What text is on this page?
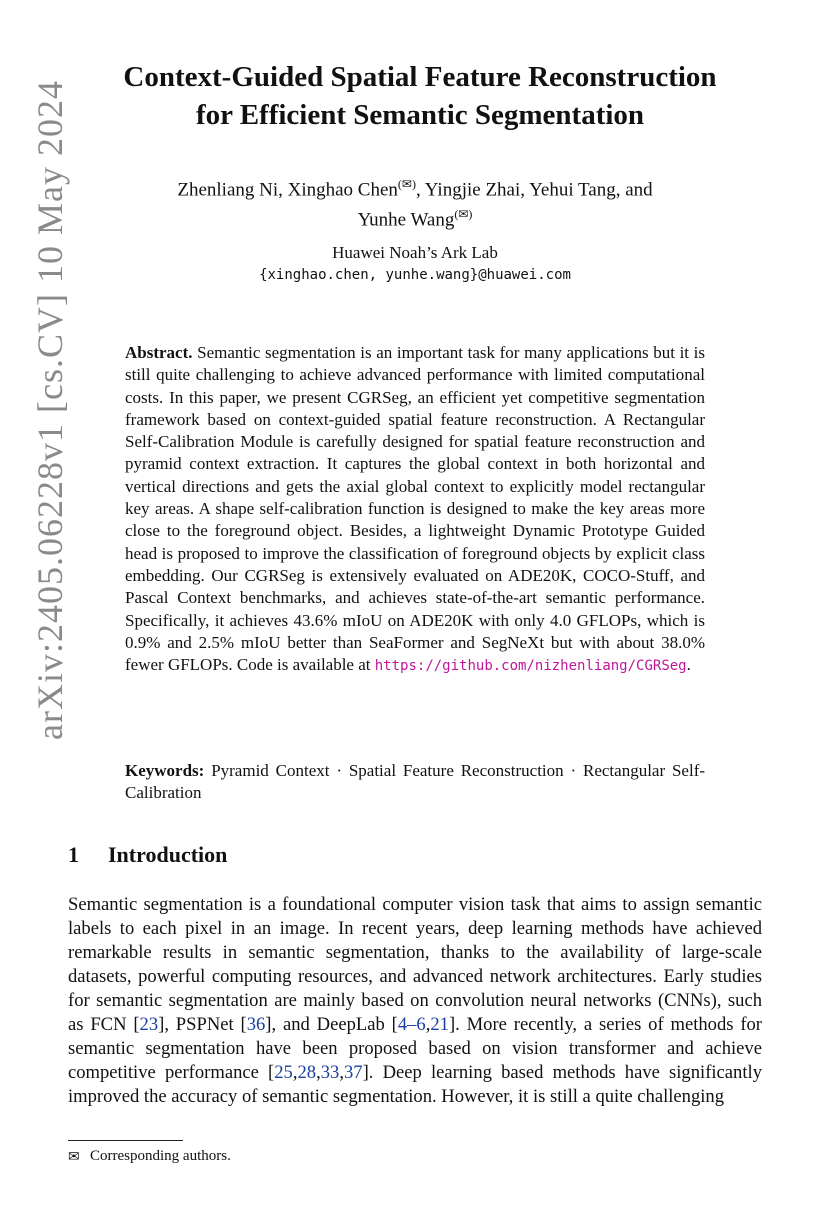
arXiv:2405.06228v1 [cs.CV] 10 May 2024
Context-Guided Spatial Feature Reconstruction
for Efficient Semantic Segmentation
Zhenliang Ni, Xinghao Chen(✉), Yingjie Zhai, Yehui Tang, and
Yunhe Wang(✉)
Huawei Noah’s Ark Lab
{xinghao.chen, yunhe.wang}@huawei.com
Abstract. Semantic segmentation is an important task for many applications but it is still quite challenging to achieve advanced performance with limited computational costs. In this paper, we present CGRSeg, an efficient yet competitive segmentation framework based on context-guided spatial feature reconstruction. A Rectangular Self-Calibration Module is carefully designed for spatial feature reconstruction and pyramid context extraction. It captures the global context in both horizontal and vertical directions and gets the axial global context to explicitly model rectangular key areas. A shape self-calibration function is designed to make the key areas more close to the foreground object. Besides, a lightweight Dynamic Prototype Guided head is proposed to improve the classification of foreground objects by explicit class embedding. Our CGRSeg is extensively evaluated on ADE20K, COCO-Stuff, and Pascal Context benchmarks, and achieves state-of-the-art semantic performance. Specifically, it achieves 43.6% mIoU on ADE20K with only 4.0 GFLOPs, which is 0.9% and 2.5% mIoU better than SeaFormer and SegNeXt but with about 38.0% fewer GFLOPs. Code is available at https://github.com/nizhenliang/CGRSeg.
Keywords: Pyramid Context · Spatial Feature Reconstruction · Rectangular Self-Calibration
1 Introduction

Semantic segmentation is a foundational computer vision task that aims to assign semantic labels to each pixel in an image. In recent years, deep learning methods have achieved remarkable results in semantic segmentation, thanks to the availability of large-scale datasets, powerful computing resources, and advanced network architectures. Early studies for semantic segmentation are mainly based on convolution neural networks (CNNs), such as FCN [23], PSPNet [36], and DeepLab [4–6,21]. More recently, a series of methods for semantic segmentation have been proposed based on vision transformer and achieve competitive performance [25,28,33,37]. Deep learning based methods have significantly improved the accuracy of semantic segmentation. However, it is still a quite challenging

✉ Corresponding authors.
